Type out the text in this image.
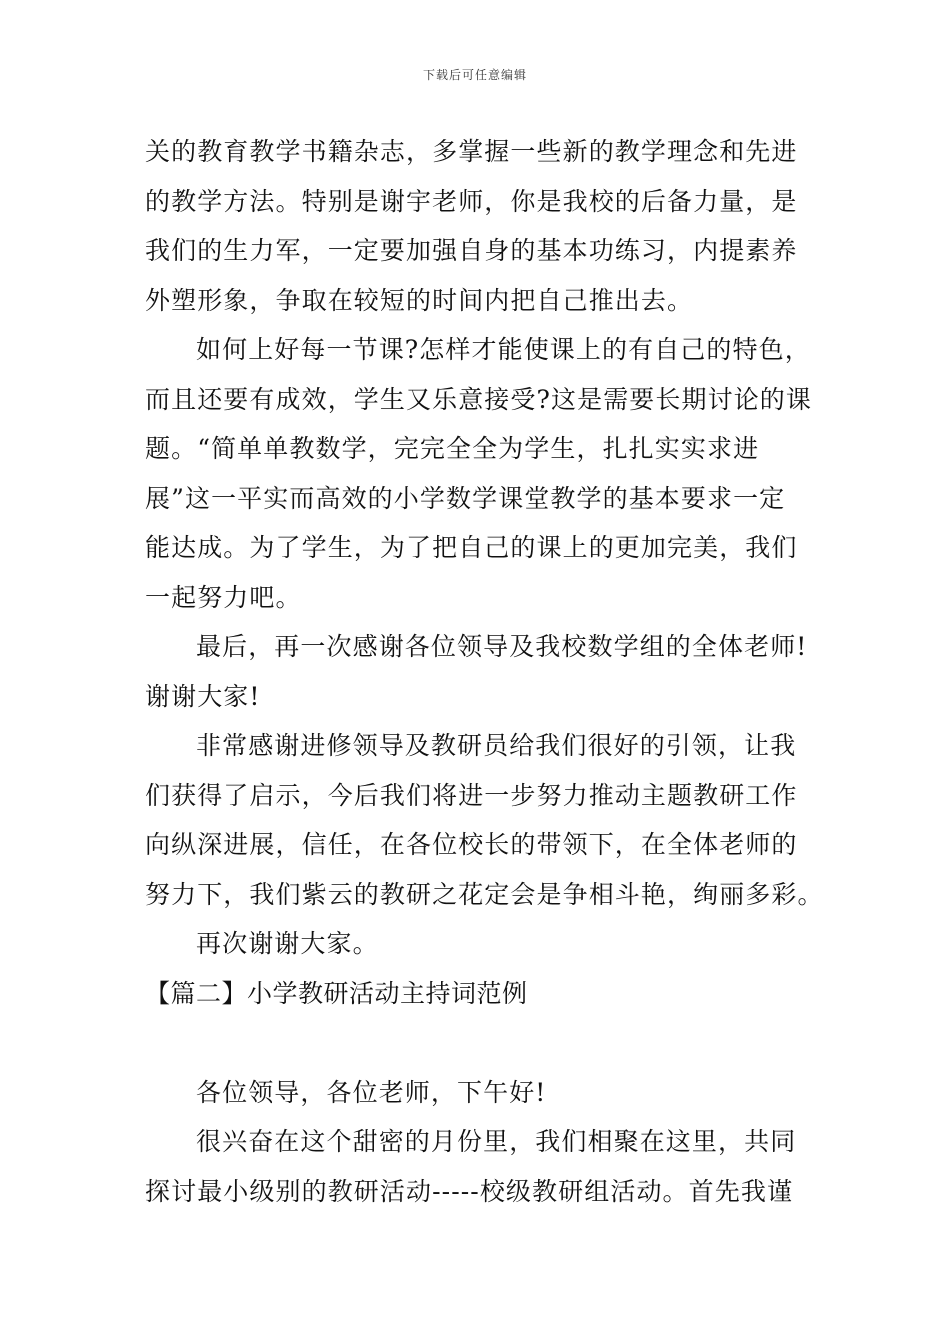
下载后可任意编辑
关的教育教学书籍杂志，多掌握一些新的教学理念和先进
的教学方法。特别是谢宇老师，你是我校的后备力量，是
我们的生力军，一定要加强自身的基本功练习，内提素养
外塑形象，争取在较短的时间内把自己推出去。
如何上好每一节课?怎样才能使课上的有自己的特色，
而且还要有成效，学生又乐意接受?这是需要长期讨论的课
题。“简单单教数学，完完全全为学生，扎扎实实求进
展”这一平实而高效的小学数学课堂教学的基本要求一定
能达成。为了学生，为了把自己的课上的更加完美，我们
一起努力吧。
最后，再一次感谢各位领导及我校数学组的全体老师!
谢谢大家!
非常感谢进修领导及教研员给我们很好的引领，让我
们获得了启示，今后我们将进一步努力推动主题教研工作
向纵深进展，信任，在各位校长的带领下，在全体老师的
努力下，我们紫云的教研之花定会是争相斗艳，绚丽多彩。
再次谢谢大家。
【篇二】小学教研活动主持词范例
各位领导，各位老师，下午好!
很兴奋在这个甜密的月份里，我们相聚在这里，共同
探讨最小级别的教研活动-----校级教研组活动。首先我谨
